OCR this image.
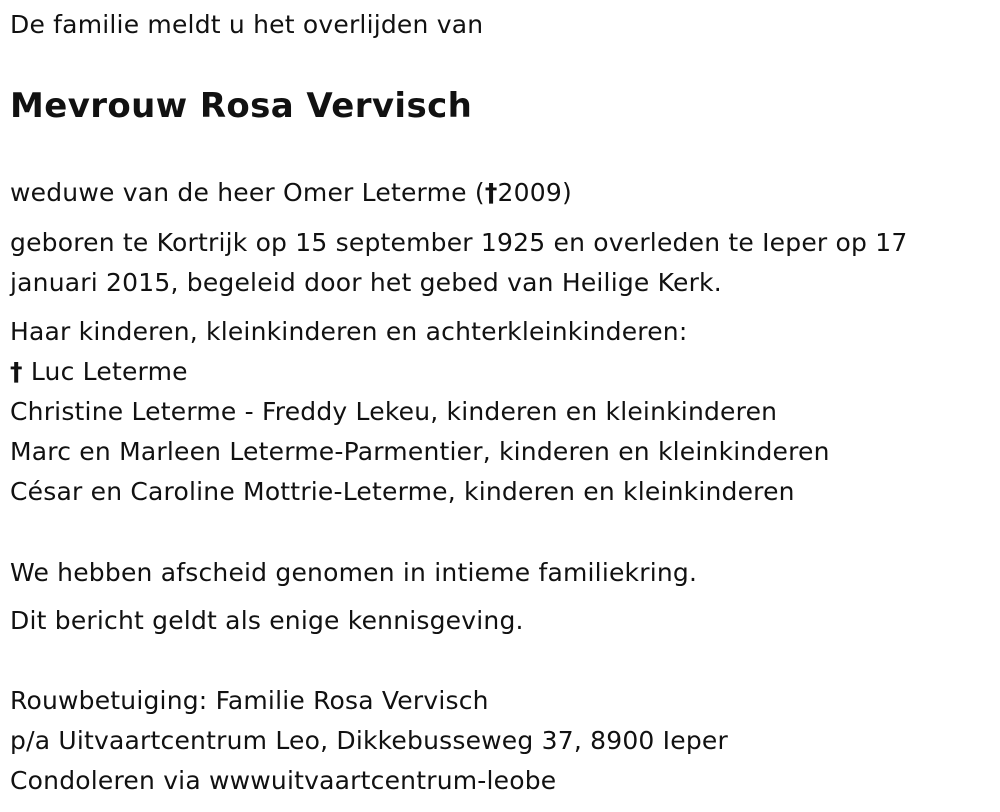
De familie meldt u het overlijden van
Mevrouw Rosa Vervisch
weduwe van de heer Omer Leterme (†2009)
geboren te Kortrijk op 15 september 1925 en overleden te Ieper op 17
januari 2015, begeleid door het gebed van Heilige Kerk.
Haar kinderen, kleinkinderen en achterkleinkinderen:
† Luc Leterme
Christine Leterme - Freddy Lekeu, kinderen en kleinkinderen
Marc en Marleen Leterme-Parmentier, kinderen en kleinkinderen
César en Caroline Mottrie-Leterme, kinderen en kleinkinderen
We hebben afscheid genomen in intieme familiekring.
Dit bericht geldt als enige kennisgeving.
Rouwbetuiging: Familie Rosa Vervisch
p/a Uitvaartcentrum Leo, Dikkebusseweg 37, 8900 Ieper
Condoleren via wwwuitvaartcentrum-leobe
